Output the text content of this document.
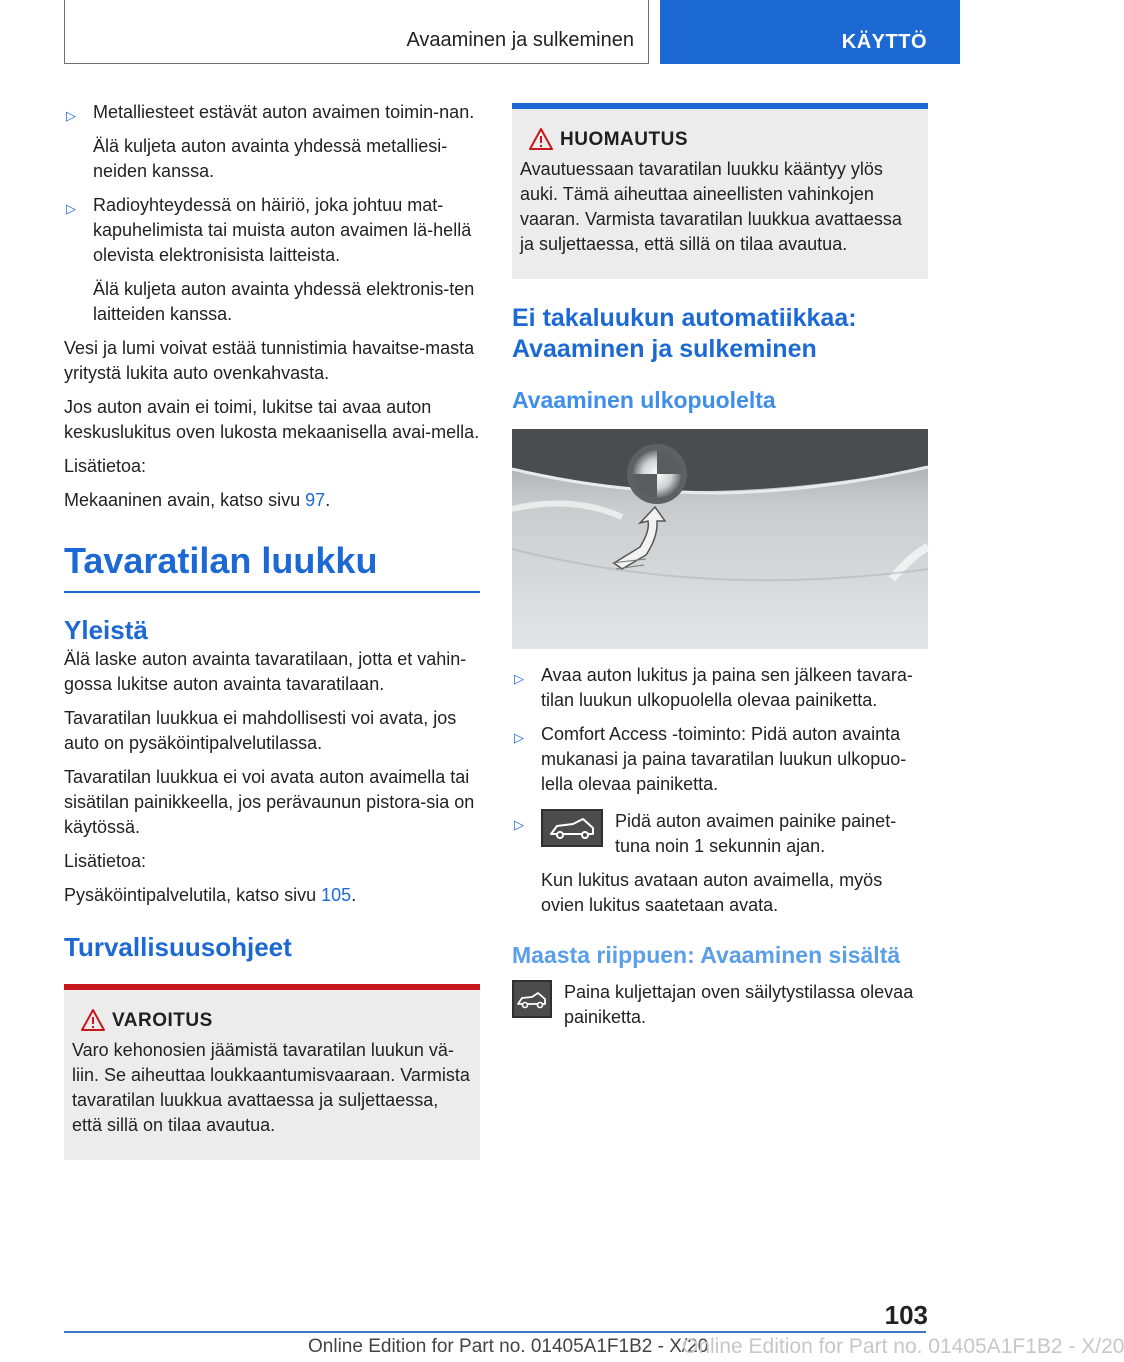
Avaaminen ja sulkeminen	KÄYTTÖ
▷ Metalliesteet estävät auton avaimen toimin-nan.
Älä kuljeta auton avainta yhdessä metalliesi-neiden kanssa.
▷ Radioyhteydessä on häiriö, joka johtuu mat-kapuhelimista tai muista auton avaimen lä-hellä olevista elektronisista laitteista.
Älä kuljeta auton avainta yhdessä elektronis-ten laitteiden kanssa.
Vesi ja lumi voivat estää tunnistimia havaitse-masta yritystä lukita auto ovenkahvasta.
Jos auton avain ei toimi, lukitse tai avaa auton keskuslukitus oven lukosta mekaanisella avai-mella.
Lisätietoa:
Mekaaninen avain, katso sivu 97.
Tavaratilan luukku
Yleistä
Älä laske auton avainta tavaratilaan, jotta et vahin-gossa lukitse auton avainta tavaratilaan.
Tavaratilan luukkua ei mahdollisesti voi avata, jos auto on pysäköintipalvelutilassa.
Tavaratilan luukkua ei voi avata auton avaimella tai sisätilan painikkeella, jos perävaunun pistora-sia on käytössä.
Lisätietoa:
Pysäköintipalvelutila, katso sivu 105.
Turvallisuusohjeet
VAROITUS
Varo kehonosien jäämistä tavaratilan luukun vä-liin. Se aiheuttaa loukkaantumisvaaraan. Varmista tavaratilan luukkua avattaessa ja suljettaessa, että sillä on tilaa avautua.
HUOMAUTUS
Avautuessaan tavaratilan luukku kääntyy ylös auki. Tämä aiheuttaa aineellisten vahinkojen vaaran. Varmista tavaratilan luukkua avattaessa ja suljettaessa, että sillä on tilaa avautua.
Ei takaluukun automatiikkaa: Avaaminen ja sulkeminen
Avaaminen ulkopuolelta
▷ Avaa auton lukitus ja paina sen jälkeen tavara-tilan luukun ulkopuolella olevaa painiketta.
▷ Comfort Access -toiminto: Pidä auton avainta mukanasi ja paina tavaratilan luukun ulkopuo-lella olevaa painiketta.
▷	Pidä auton avaimen painike painet-tuna noin 1 sekunnin ajan.
Kun lukitus avataan auton avaimella, myös ovien lukitus saatetaan avata.
Maasta riippuen: Avaaminen sisältä
Paina kuljettajan oven säilytystilassa olevaa painiketta.
103
Online Edition for Part no. 01405A1F1B2 - X/20
Online Edition for Part no. 01405A1F1B2 - X/20
